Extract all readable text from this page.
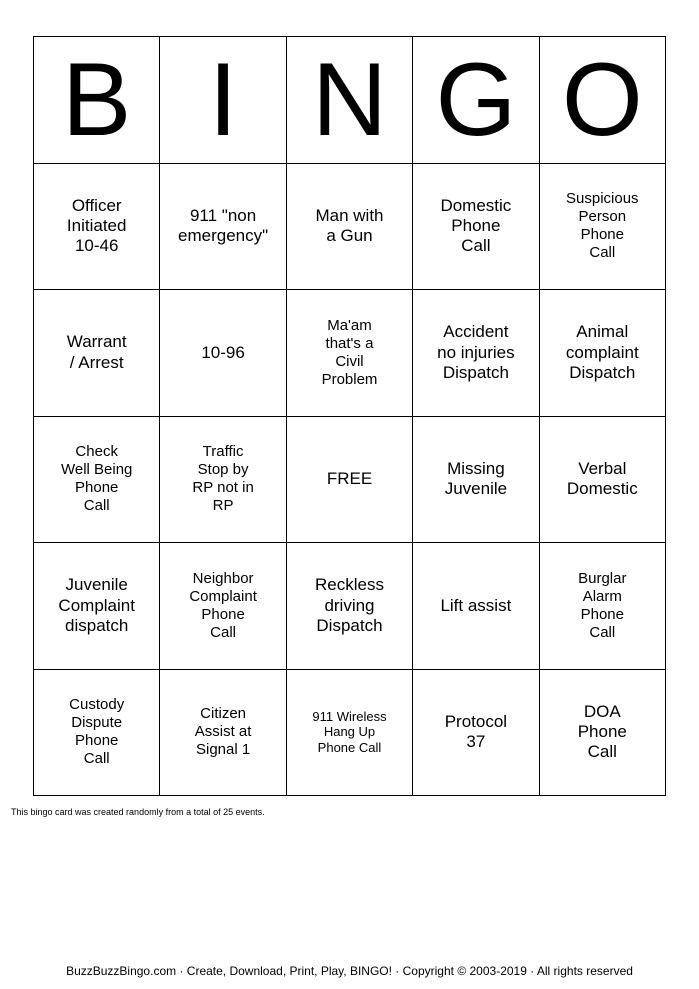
B I N G O
Officer
Initiated
10-46
911 "non
emergency"
Man with
a Gun
Domestic
Phone
Call
Suspicious
Person
Phone
Call
Warrant
/ Arrest
10-96
Ma'am
that's a
Civil
Problem
Accident
no injuries
Dispatch
Animal
complaint
Dispatch
Check
Well Being
Phone
Call
Traffic
Stop by
RP not in
RP
FREE
Missing
Juvenile
Verbal
Domestic
Juvenile
Complaint
dispatch
Neighbor
Complaint
Phone
Call
Reckless
driving
Dispatch
Lift assist
Burglar
Alarm
Phone
Call
Custody
Dispute
Phone
Call
Citizen
Assist at
Signal 1
911 Wireless
Hang Up
Phone Call
Protocol
37
DOA
Phone
Call
This bingo card was created randomly from a total of 25 events.
BuzzBuzzBingo.com · Create, Download, Print, Play, BINGO! · Copyright © 2003-2019 · All rights reserved
